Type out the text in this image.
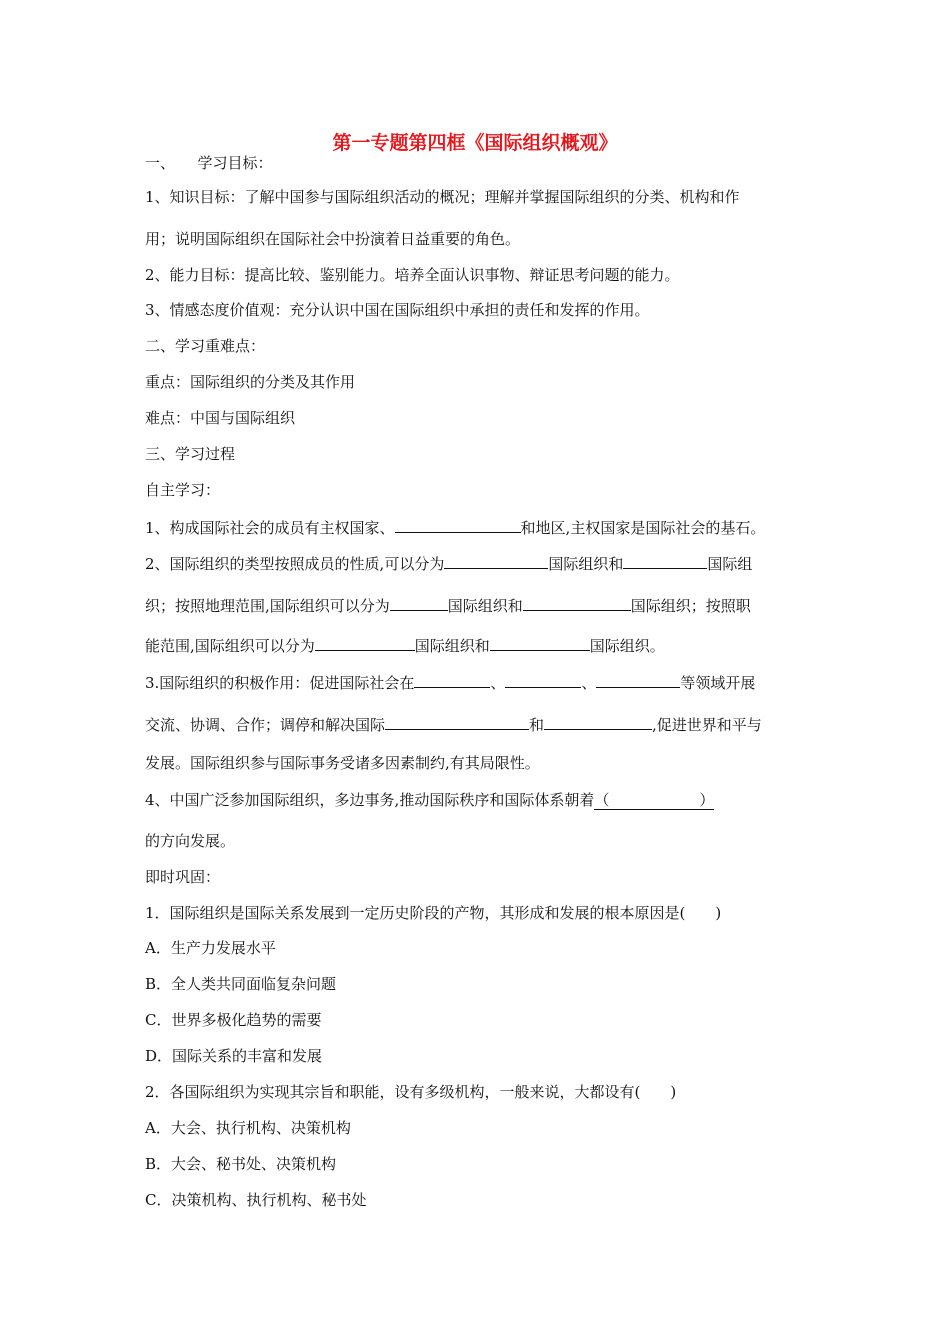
第一专题第四框《国际组织概观》
一、　　学习目标：
1、知识目标：了解中国参与国际组织活动的概况；理解并掌握国际组织的分类、机构和作
用；说明国际组织在国际社会中扮演着日益重要的角色。
2、能力目标：提高比较、鉴别能力。培养全面认识事物、辩证思考问题的能力。
3、情感态度价值观：充分认识中国在国际组织中承担的责任和发挥的作用。
二、学习重难点：
重点：国际组织的分类及其作用
难点：中国与国际组织
三、学习过程
自主学习：
1、构成国际社会的成员有主权国家、	和地区,主权国家是国际社会的基石。
2、国际组织的类型按照成员的性质,可以分为	国际组织和	国际组
织；按照地理范围,国际组织可以分为	国际组织和	国际组织；按照职
能范围,国际组织可以分为	国际组织和	国际组织。
3.国际组织的积极作用：促进国际社会在	、	、	等领域开展
交流、协调、合作；调停和解决国际	和	,促进世界和平与
发展。国际组织参与国际事务受诸多因素制约,有其局限性。
4、中国广泛参加国际组织，多边事务,推动国际秩序和国际体系朝着（	）
的方向发展。
即时巩固：
1．国际组织是国际关系发展到一定历史阶段的产物，其形成和发展的根本原因是(　　)
A．生产力发展水平
B．全人类共同面临复杂问题
C．世界多极化趋势的需要
D．国际关系的丰富和发展
2．各国际组织为实现其宗旨和职能，设有多级机构，一般来说，大都设有(　　)
A．大会、执行机构、决策机构
B．大会、秘书处、决策机构
C．决策机构、执行机构、秘书处
